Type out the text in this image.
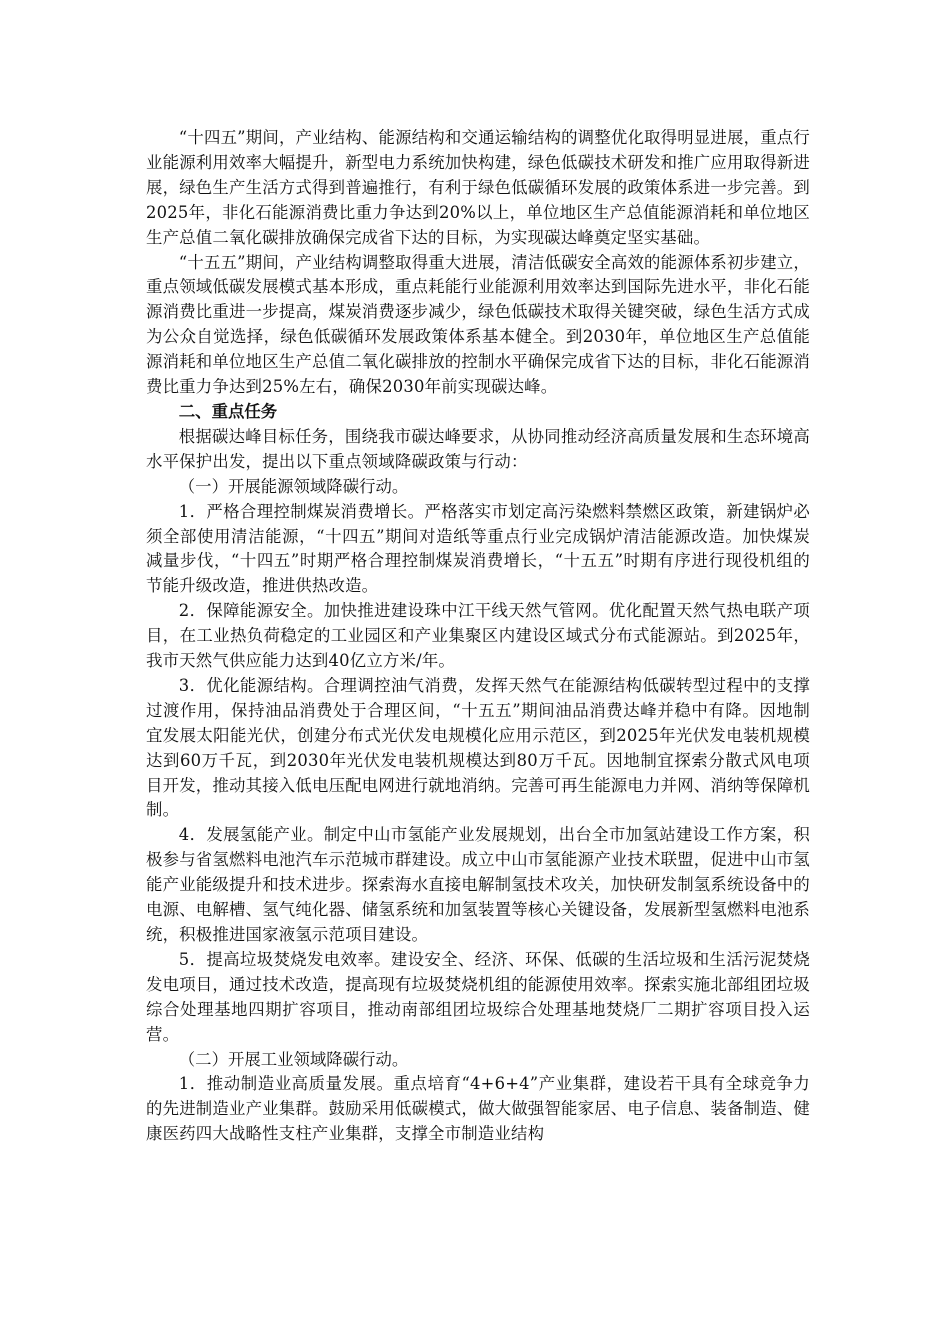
“十四五”期间，产业结构、能源结构和交通运输结构的调整优化取得明显进展，重点行业能源利用效率大幅提升，新型电力系统加快构建，绿色低碳技术研发和推广应用取得新进展，绿色生产生活方式得到普遍推行，有利于绿色低碳循环发展的政策体系进一步完善。到2025年，非化石能源消费比重力争达到20%以上，单位地区生产总值能源消耗和单位地区生产总值二氧化碳排放确保完成省下达的目标，为实现碳达峰奠定坚实基础。

“十五五”期间，产业结构调整取得重大进展，清洁低碳安全高效的能源体系初步建立，重点领域低碳发展模式基本形成，重点耗能行业能源利用效率达到国际先进水平，非化石能源消费比重进一步提高，煤炭消费逐步减少，绿色低碳技术取得关键突破，绿色生活方式成为公众自觉选择，绿色低碳循环发展政策体系基本健全。到2030年，单位地区生产总值能源消耗和单位地区生产总值二氧化碳排放的控制水平确保完成省下达的目标，非化石能源消费比重力争达到25%左右，确保2030年前实现碳达峰。

二、重点任务

根据碳达峰目标任务，围绕我市碳达峰要求，从协同推动经济高质量发展和生态环境高水平保护出发，提出以下重点领域降碳政策与行动：

（一）开展能源领域降碳行动。

1．严格合理控制煤炭消费增长。严格落实市划定高污染燃料禁燃区政策，新建锅炉必须全部使用清洁能源，“十四五”期间对造纸等重点行业完成锅炉清洁能源改造。加快煤炭减量步伐，“十四五”时期严格合理控制煤炭消费增长，“十五五”时期有序进行现役机组的节能升级改造，推进供热改造。

2．保障能源安全。加快推进建设珠中江干线天然气管网。优化配置天然气热电联产项目，在工业热负荷稳定的工业园区和产业集聚区内建设区域式分布式能源站。到2025年，我市天然气供应能力达到40亿立方米/年。

3．优化能源结构。合理调控油气消费，发挥天然气在能源结构低碳转型过程中的支撑过渡作用，保持油品消费处于合理区间，“十五五”期间油品消费达峰并稳中有降。因地制宜发展太阳能光伏，创建分布式光伏发电规模化应用示范区，到2025年光伏发电装机规模达到60万千瓦，到2030年光伏发电装机规模达到80万千瓦。因地制宜探索分散式风电项目开发，推动其接入低电压配电网进行就地消纳。完善可再生能源电力并网、消纳等保障机制。

4．发展氢能产业。制定中山市氢能产业发展规划，出台全市加氢站建设工作方案，积极参与省氢燃料电池汽车示范城市群建设。成立中山市氢能源产业技术联盟，促进中山市氢能产业能级提升和技术进步。探索海水直接电解制氢技术攻关，加快研发制氢系统设备中的电源、电解槽、氢气纯化器、储氢系统和加氢装置等核心关键设备，发展新型氢燃料电池系统，积极推进国家液氢示范项目建设。

5．提高垃圾焚烧发电效率。建设安全、经济、环保、低碳的生活垃圾和生活污泥焚烧发电项目，通过技术改造，提高现有垃圾焚烧机组的能源使用效率。探索实施北部组团垃圾综合处理基地四期扩容项目，推动南部组团垃圾综合处理基地焚烧厂二期扩容项目投入运营。

（二）开展工业领域降碳行动。

1．推动制造业高质量发展。重点培育“4+6+4”产业集群，建设若干具有全球竞争力的先进制造业产业集群。鼓励采用低碳模式，做大做强智能家居、电子信息、装备制造、健康医药四大战略性支柱产业集群，支撑全市制造业结构
